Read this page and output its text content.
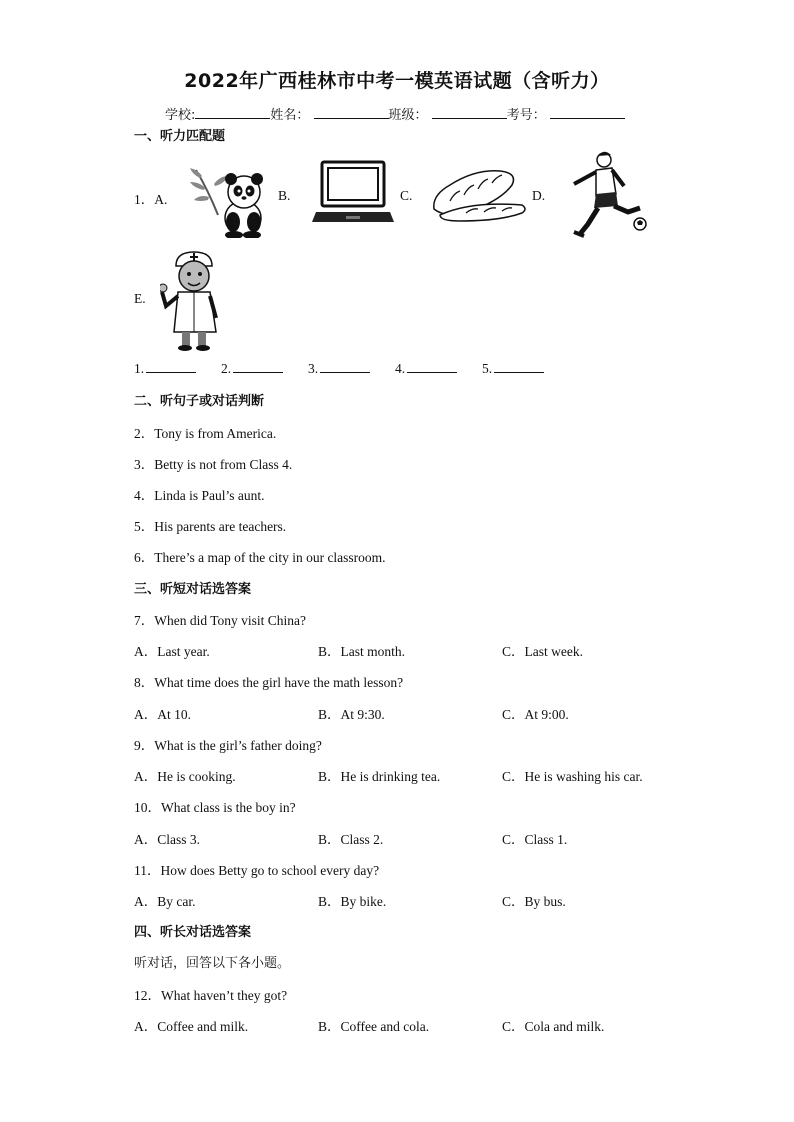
2022年广西桂林市中考一模英语试题（含听力）
学校:	姓名：	班级：	考号：
一、听力匹配题
1．A.	B.	C.	D.
E.
1.	2.	3.	4.	5.
二、听句子或对话判断
2．Tony is from America.
3．Betty is not from Class 4.
4．Linda is Paul’s aunt.
5．His parents are teachers.
6．There’s a map of the city in our classroom.
三、听短对话选答案
7．When did Tony visit China?
A．Last year.	B．Last month.	C．Last week.
8．What time does the girl have the math lesson?
A．At 10.	B．At 9:30.	C．At 9:00.
9．What is the girl’s father doing?
A．He is cooking.	B．He is drinking tea.	C．He is washing his car.
10．What class is the boy in?
A．Class 3.	B．Class 2.	C．Class 1.
11．How does Betty go to school every day?
A．By car.	B．By bike.	C．By bus.
四、听长对话选答案
听对话，回答以下各小题。
12．What haven’t they got?
A．Coffee and milk.	B．Coffee and cola.	C．Cola and milk.
